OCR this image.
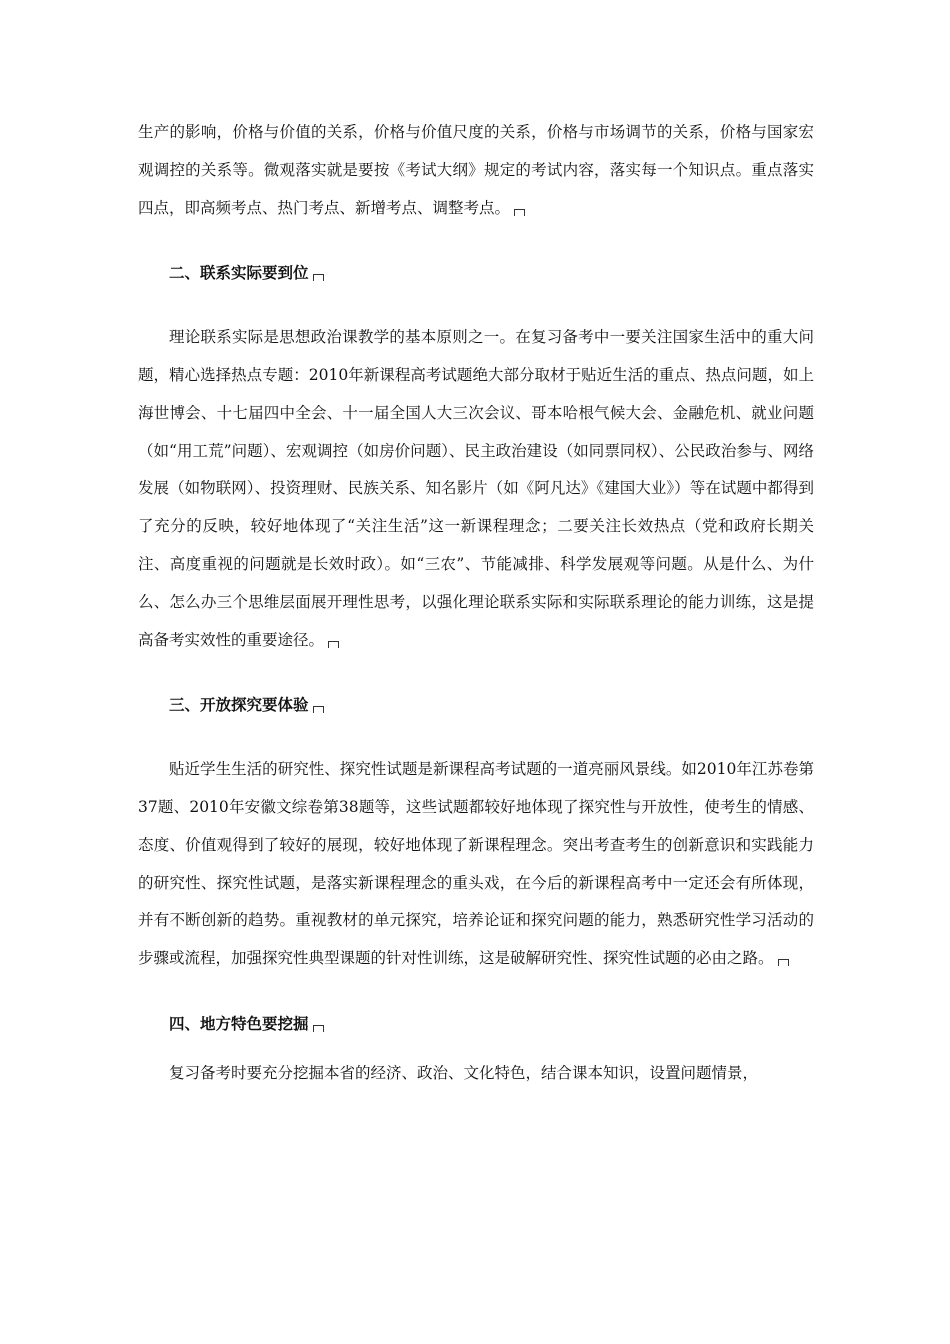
生产的影响，价格与价值的关系，价格与价值尺度的关系，价格与市场调节的关系，价格与国家宏观调控的关系等。微观落实就是要按《考试大纲》规定的考试内容，落实每一个知识点。重点落实四点，即高频考点、热门考点、新增考点、调整考点。

二、联系实际要到位

理论联系实际是思想政治课教学的基本原则之一。在复习备考中一要关注国家生活中的重大问题，精心选择热点专题：2010年新课程高考试题绝大部分取材于贴近生活的重点、热点问题，如上海世博会、十七届四中全会、十一届全国人大三次会议、哥本哈根气候大会、金融危机、就业问题（如“用工荒”问题）、宏观调控（如房价问题）、民主政治建设（如同票同权）、公民政治参与、网络发展（如物联网）、投资理财、民族关系、知名影片（如《阿凡达》《建国大业》）等在试题中都得到了充分的反映，较好地体现了“关注生活”这一新课程理念；二要关注长效热点（党和政府长期关注、高度重视的问题就是长效时政）。如“三农”、节能减排、科学发展观等问题。从是什么、为什么、怎么办三个思维层面展开理性思考，以强化理论联系实际和实际联系理论的能力训练，这是提高备考实效性的重要途径。

三、开放探究要体验

贴近学生生活的研究性、探究性试题是新课程高考试题的一道亮丽风景线。如2010年江苏卷第37题、2010年安徽文综卷第38题等，这些试题都较好地体现了探究性与开放性，使考生的情感、态度、价值观得到了较好的展现，较好地体现了新课程理念。突出考查考生的创新意识和实践能力的研究性、探究性试题，是落实新课程理念的重头戏，在今后的新课程高考中一定还会有所体现，并有不断创新的趋势。重视教材的单元探究，培养论证和探究问题的能力，熟悉研究性学习活动的步骤或流程，加强探究性典型课题的针对性训练，这是破解研究性、探究性试题的必由之路。

四、地方特色要挖掘

复习备考时要充分挖掘本省的经济、政治、文化特色，结合课本知识，设置问题情景，
